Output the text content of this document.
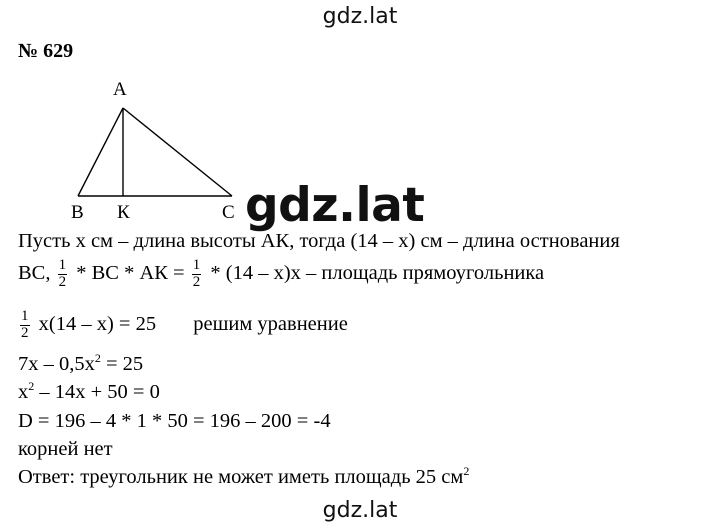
gdz.lat
№ 629
A
B К	C gdz.lat
Пусть х см – длина высоты АК, тогда (14 – х) см – длина остнования
ВС, $\frac{1}{2}$ * ВС * АК = $\frac{1}{2} * (14 - х)х$ – площадь прямоугольника
$\frac{1}{2} х(14 - х) = 25$ решим уравнение
$7х - 0,5х^2 = 25$
$х^2 - 14х + 50 = 0$
D = 196 – 4 * 1 * 50 = 196 – 200 = -4
корней нет
Ответ: треугольник не может иметь площадь 25 $см^2$
gdz.lat
